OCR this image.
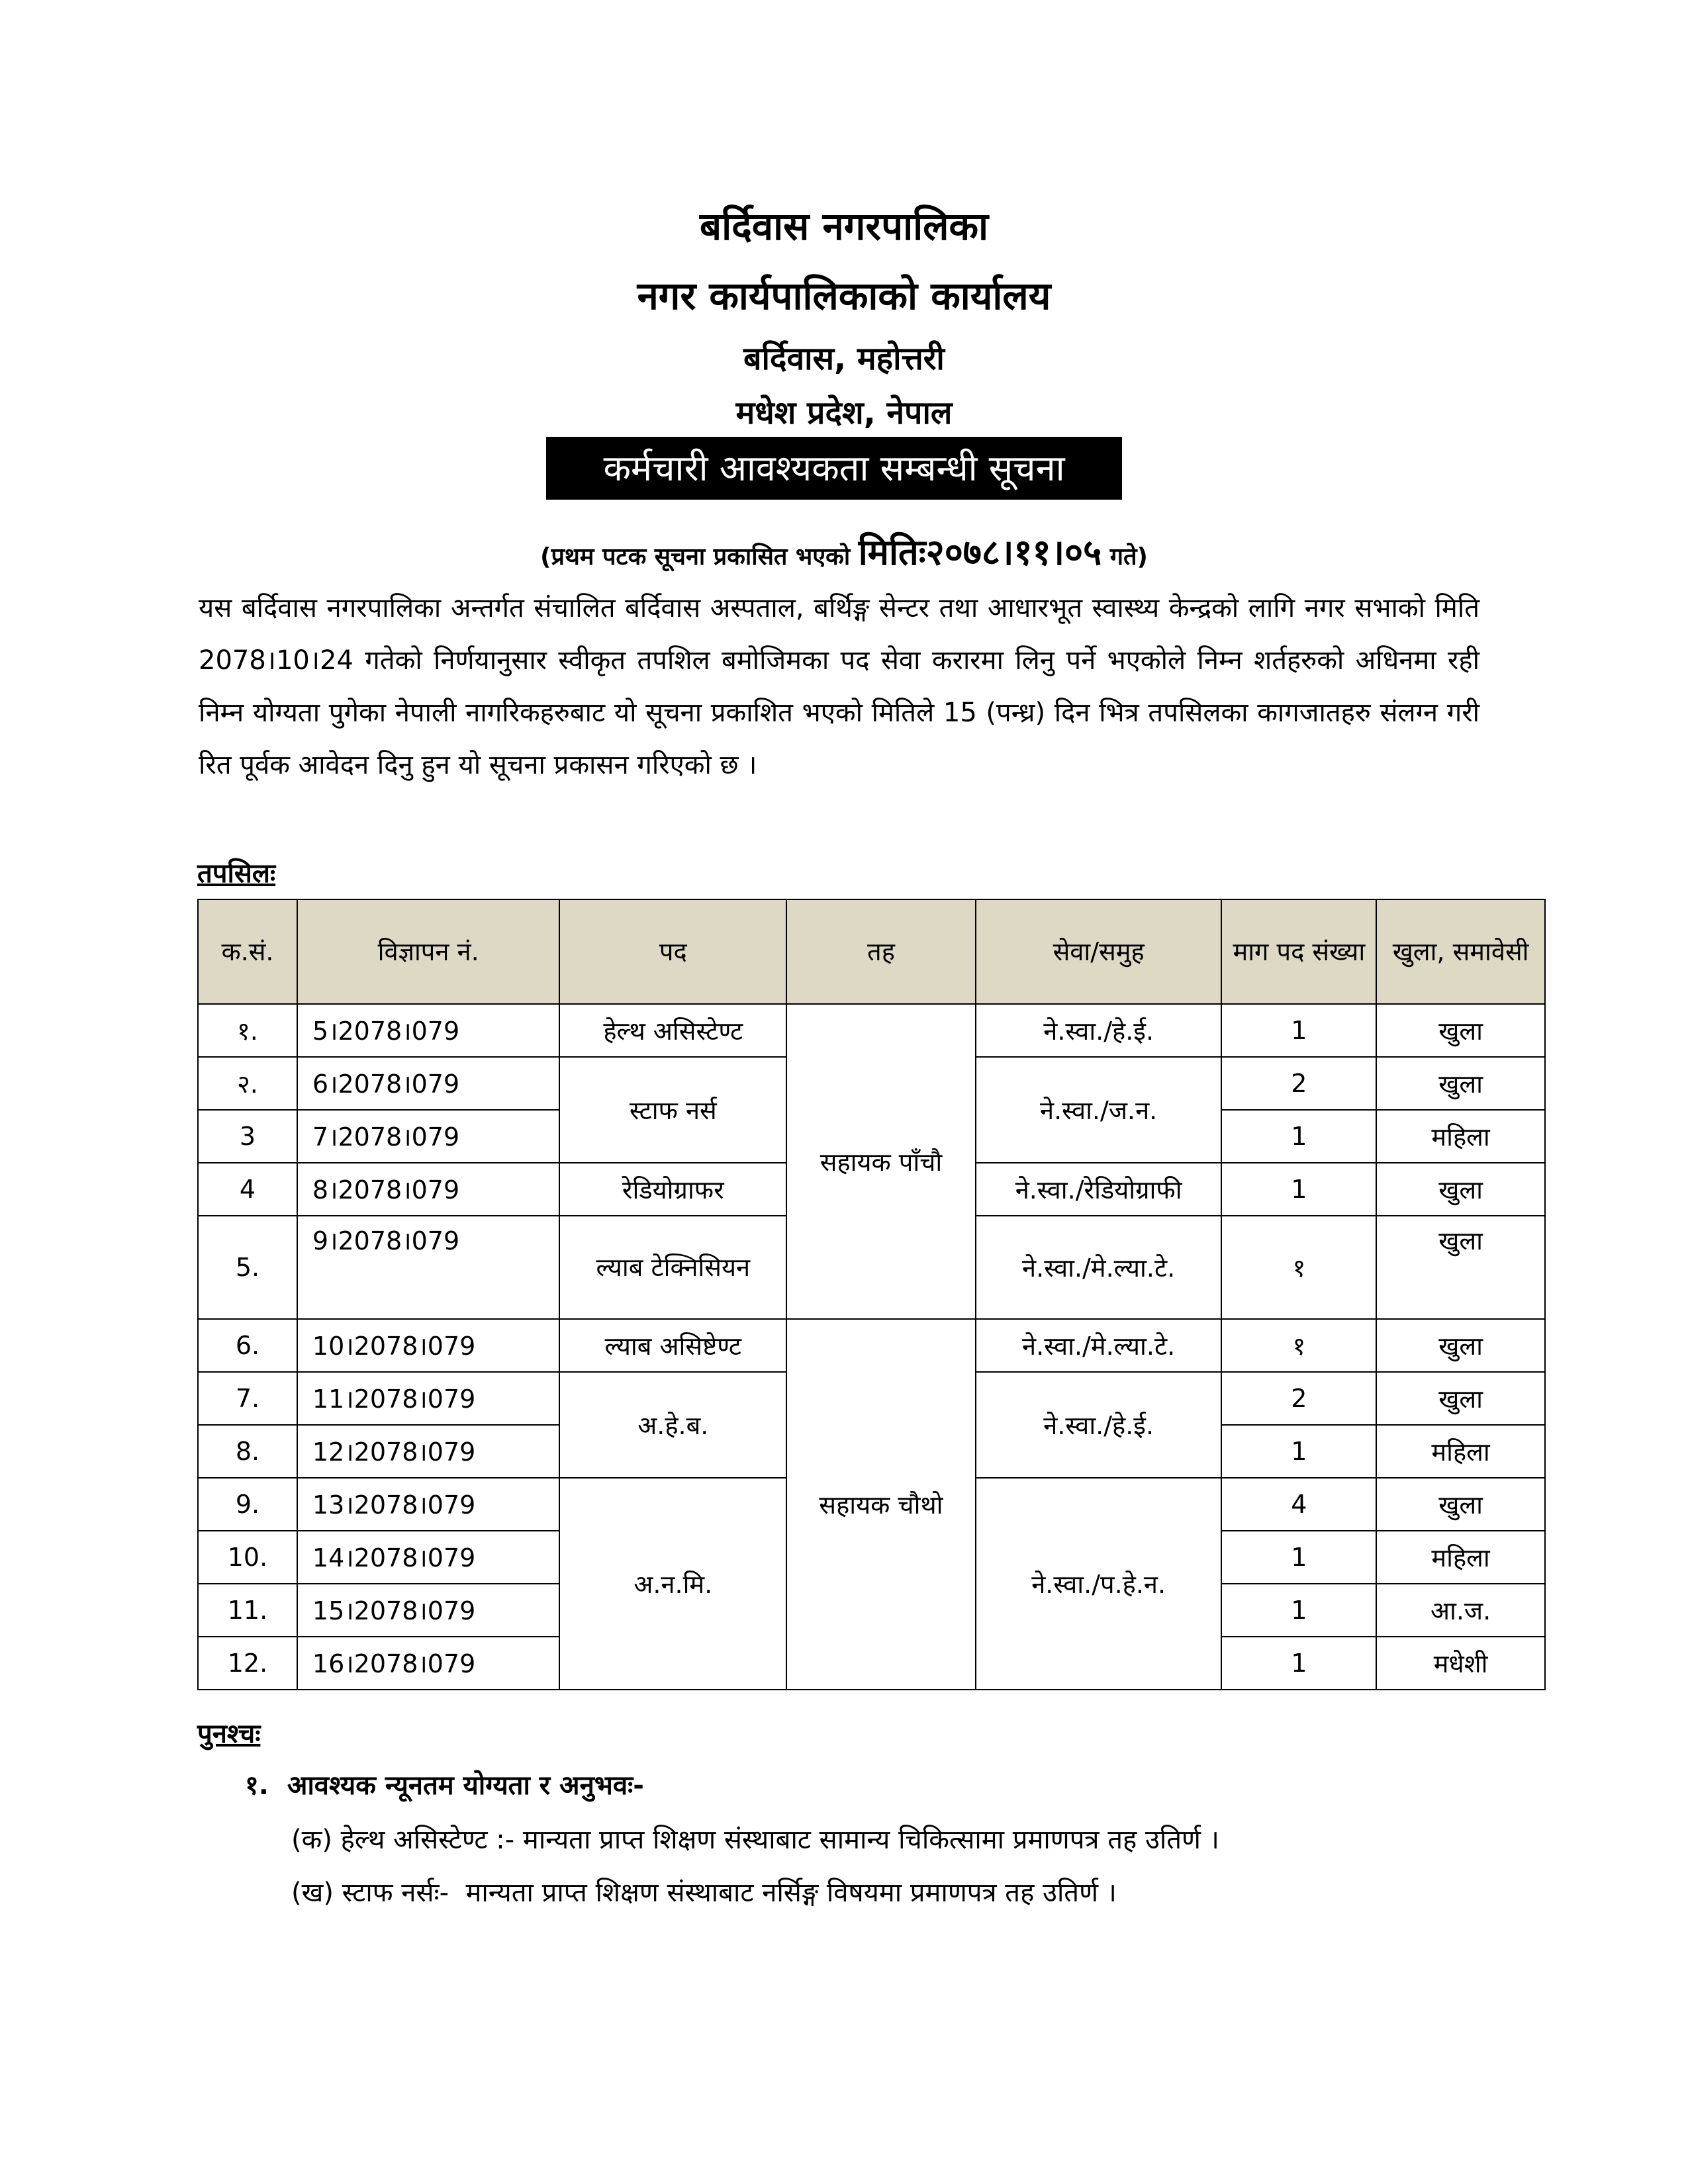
बर्दिवास नगरपालिका
नगर कार्यपालिकाको कार्यालय
बर्दिवास, महोत्तरी
मधेश प्रदेश, नेपाल
कर्मचारी आवश्यकता सम्बन्धी सूचना
(प्रथम पटक सूचना प्रकासित भएको मितिः२०७८।११।०५ गते)
यस बर्दिवास नगरपालिका अन्तर्गत संचालित बर्दिवास अस्पताल, बर्थिङ्ग सेन्टर तथा आधारभूत स्वास्थ्य केन्द्रको लागि नगर सभाको मिति 2078।10।24 गतेको निर्णयानुसार स्वीकृत तपशिल बमोजिमका पद सेवा करारमा लिनु पर्ने भएकोले निम्न शर्तहरुको अधिनमा रही निम्न योग्यता पुगेका नेपाली नागरिकहरुबाट यो सूचना प्रकाशित भएको मितिले 15 (पन्ध्र) दिन भित्र तपसिलका कागजातहरु संलग्न गरी रित पूर्वक आवेदन दिनु हुन यो सूचना प्रकासन गरिएको छ ।
तपसिलः
क.सं.	विज्ञापन नं.	पद	तह	सेवा/समुह	माग पद संख्या	खुला, समावेसी
१.	5।2078।079	हेल्थ असिस्टेण्ट	सहायक पाँचौ	ने.स्वा./हे.ई.	1	खुला
२.	6।2078।079	स्टाफ नर्स		ने.स्वा./ज.न.	2	खुला
3	7।2078।079				1	महिला
4	8।2078।079	रेडियोग्राफर		ने.स्वा./रेडियोग्राफी	1	खुला
5.	9।2078।079	ल्याब टेक्निसियन		ने.स्वा./मे.ल्या.टे.	१	खुला
6.	10।2078।079	ल्याब असिष्टेण्ट	सहायक चौथो	ने.स्वा./मे.ल्या.टे.	१	खुला
7.	11।2078।079	अ.हे.ब.		ने.स्वा./हे.ई.	2	खुला
8.	12।2078।079				1	महिला
9.	13।2078।079	अ.न.मि.		ने.स्वा./प.हे.न.	4	खुला
10.	14।2078।079				1	महिला
11.	15।2078।079				1	आ.ज.
12.	16।2078।079				1	मधेशी
पुनश्चः
१.  आवश्यक न्यूनतम योग्यता र अनुभवः-
(क) हेल्थ असिस्टेण्ट :- मान्यता प्राप्त शिक्षण संस्थाबाट सामान्य चिकित्सामा प्रमाणपत्र तह उतिर्ण ।
(ख) स्टाफ नर्सः-  मान्यता प्राप्त शिक्षण संस्थाबाट नर्सिङ्ग विषयमा प्रमाणपत्र तह उतिर्ण ।
